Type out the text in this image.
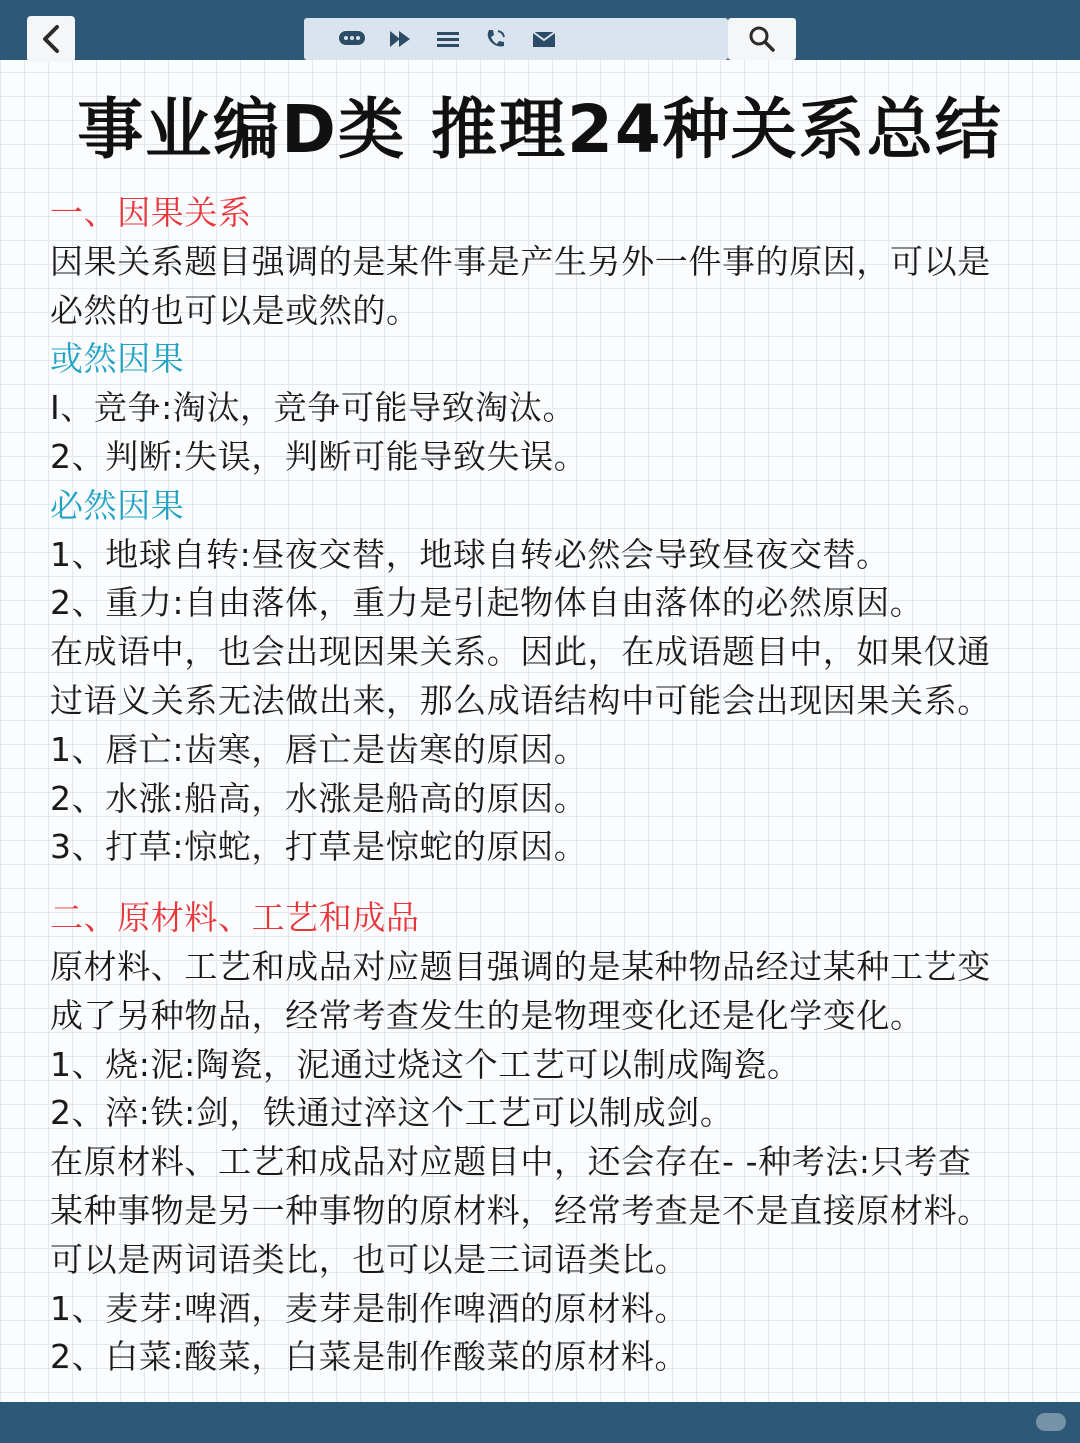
事业编D类 推理24种关系总结
一、因果关系
因果关系题目强调的是某件事是产生另外一件事的原因，可以是
必然的也可以是或然的。
或然因果
I、竞争:淘汰，竞争可能导致淘汰。
2、判断:失误，判断可能导致失误。
必然因果
1、地球自转:昼夜交替，地球自转必然会导致昼夜交替。
2、重力:自由落体，重力是引起物体自由落体的必然原因。
在成语中，也会出现因果关系。因此，在成语题目中，如果仅通
过语义关系无法做出来，那么成语结构中可能会出现因果关系。
1、唇亡:齿寒，唇亡是齿寒的原因。
2、水涨:船高，水涨是船高的原因。
3、打草:惊蛇，打草是惊蛇的原因。
二、原材料、工艺和成品
原材料、工艺和成品对应题目强调的是某种物品经过某种工艺变
成了另种物品，经常考查发生的是物理变化还是化学变化。
1、烧:泥:陶瓷，泥通过烧这个工艺可以制成陶瓷。
2、淬:铁:剑，铁通过淬这个工艺可以制成剑。
在原材料、工艺和成品对应题目中，还会存在- -种考法:只考查
某种事物是另一种事物的原材料，经常考查是不是直接原材料。
可以是两词语类比，也可以是三词语类比。
1、麦芽:啤酒，麦芽是制作啤酒的原材料。
2、白菜:酸菜，白菜是制作酸菜的原材料。
